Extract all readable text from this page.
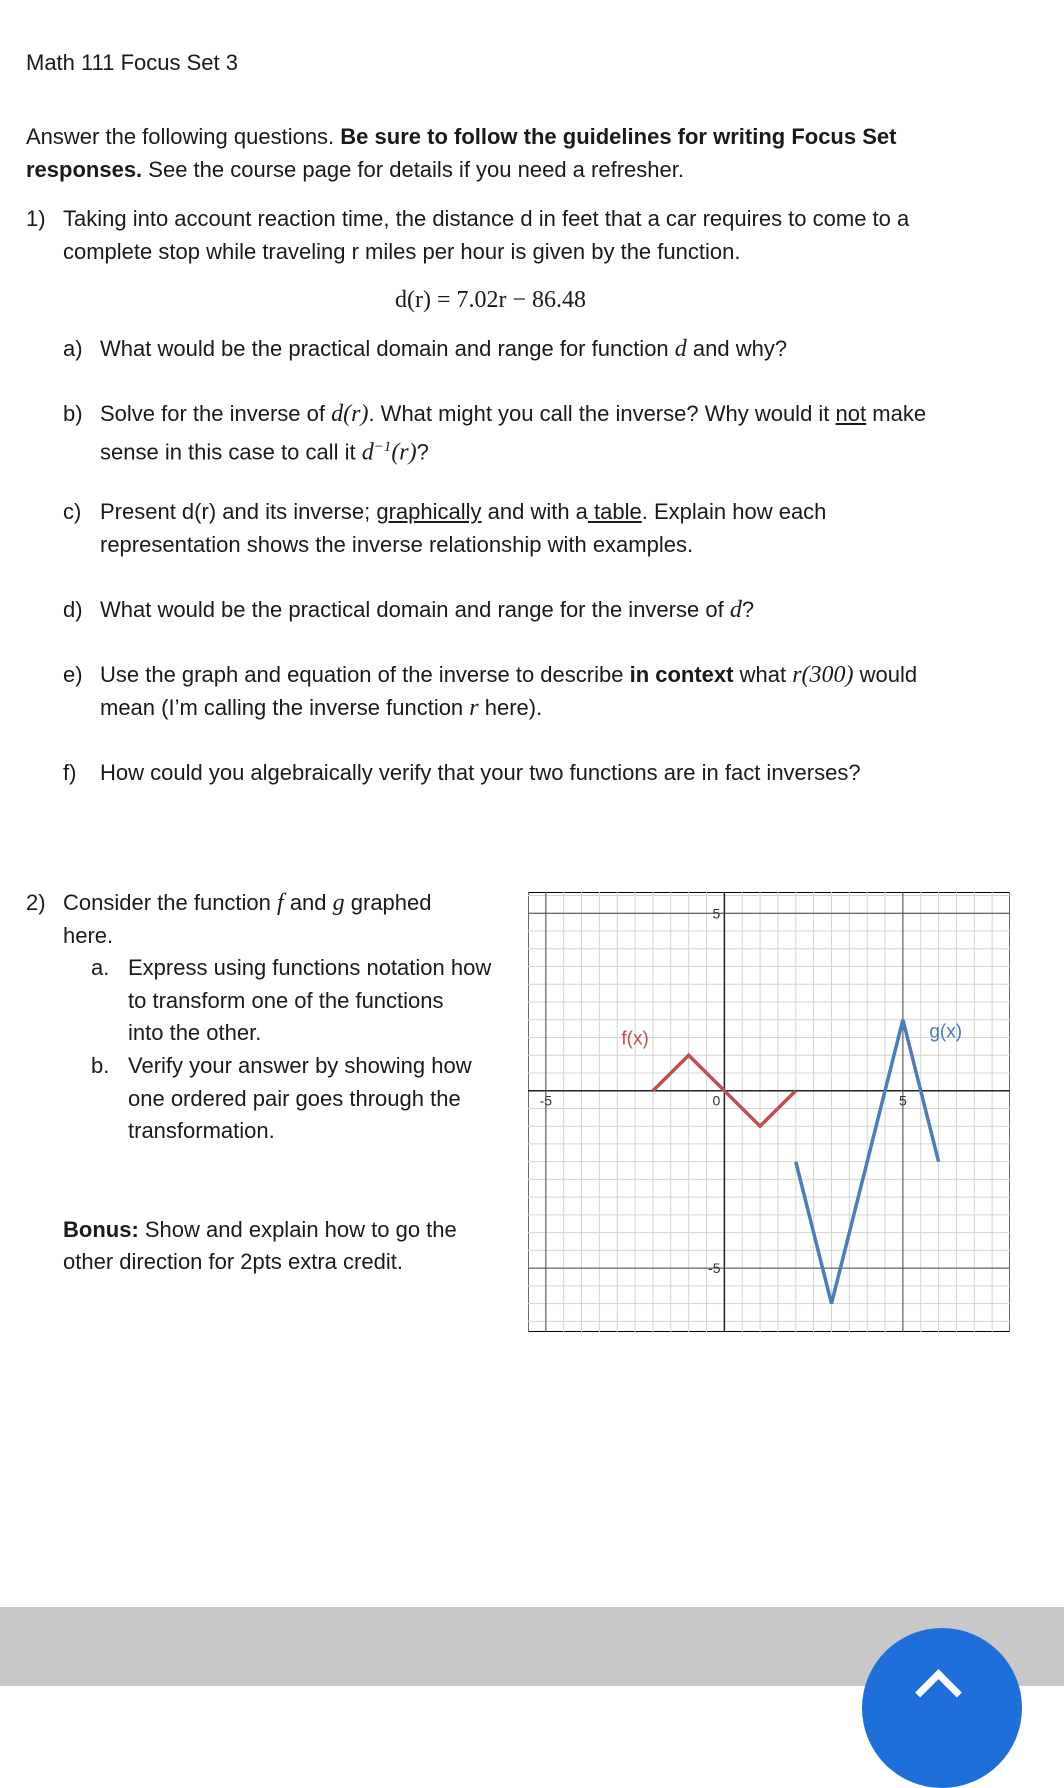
Math 111 Focus Set 3
Answer the following questions. Be sure to follow the guidelines for writing Focus Set
responses. See the course page for details if you need a refresher.
1) Taking into account reaction time, the distance d in feet that a car requires to come to a
complete stop while traveling r miles per hour is given by the function.
d(r) = 7.02r − 86.48
a) What would be the practical domain and range for function d and why?
b) Solve for the inverse of d(r). What might you call the inverse? Why would it not make
sense in this case to call it $d^{-1}(r)$?
c) Present d(r) and its inverse; graphically and with a table. Explain how each
representation shows the inverse relationship with examples.
d) What would be the practical domain and range for the inverse of d?
e) Use the graph and equation of the inverse to describe in context what r(300) would
mean (I’m calling the inverse function r here).
f) How could you algebraically verify that your two functions are in fact inverses?
2) Consider the function f and g graphed
here.
a. Express using functions notation how
to transform one of the functions
into the other.
b. Verify your answer by showing how
one ordered pair goes through the
transformation.
Bonus: Show and explain how to go the
other direction for 2pts extra credit.
-5	0	5
5
-5
f(x)	g(x)
